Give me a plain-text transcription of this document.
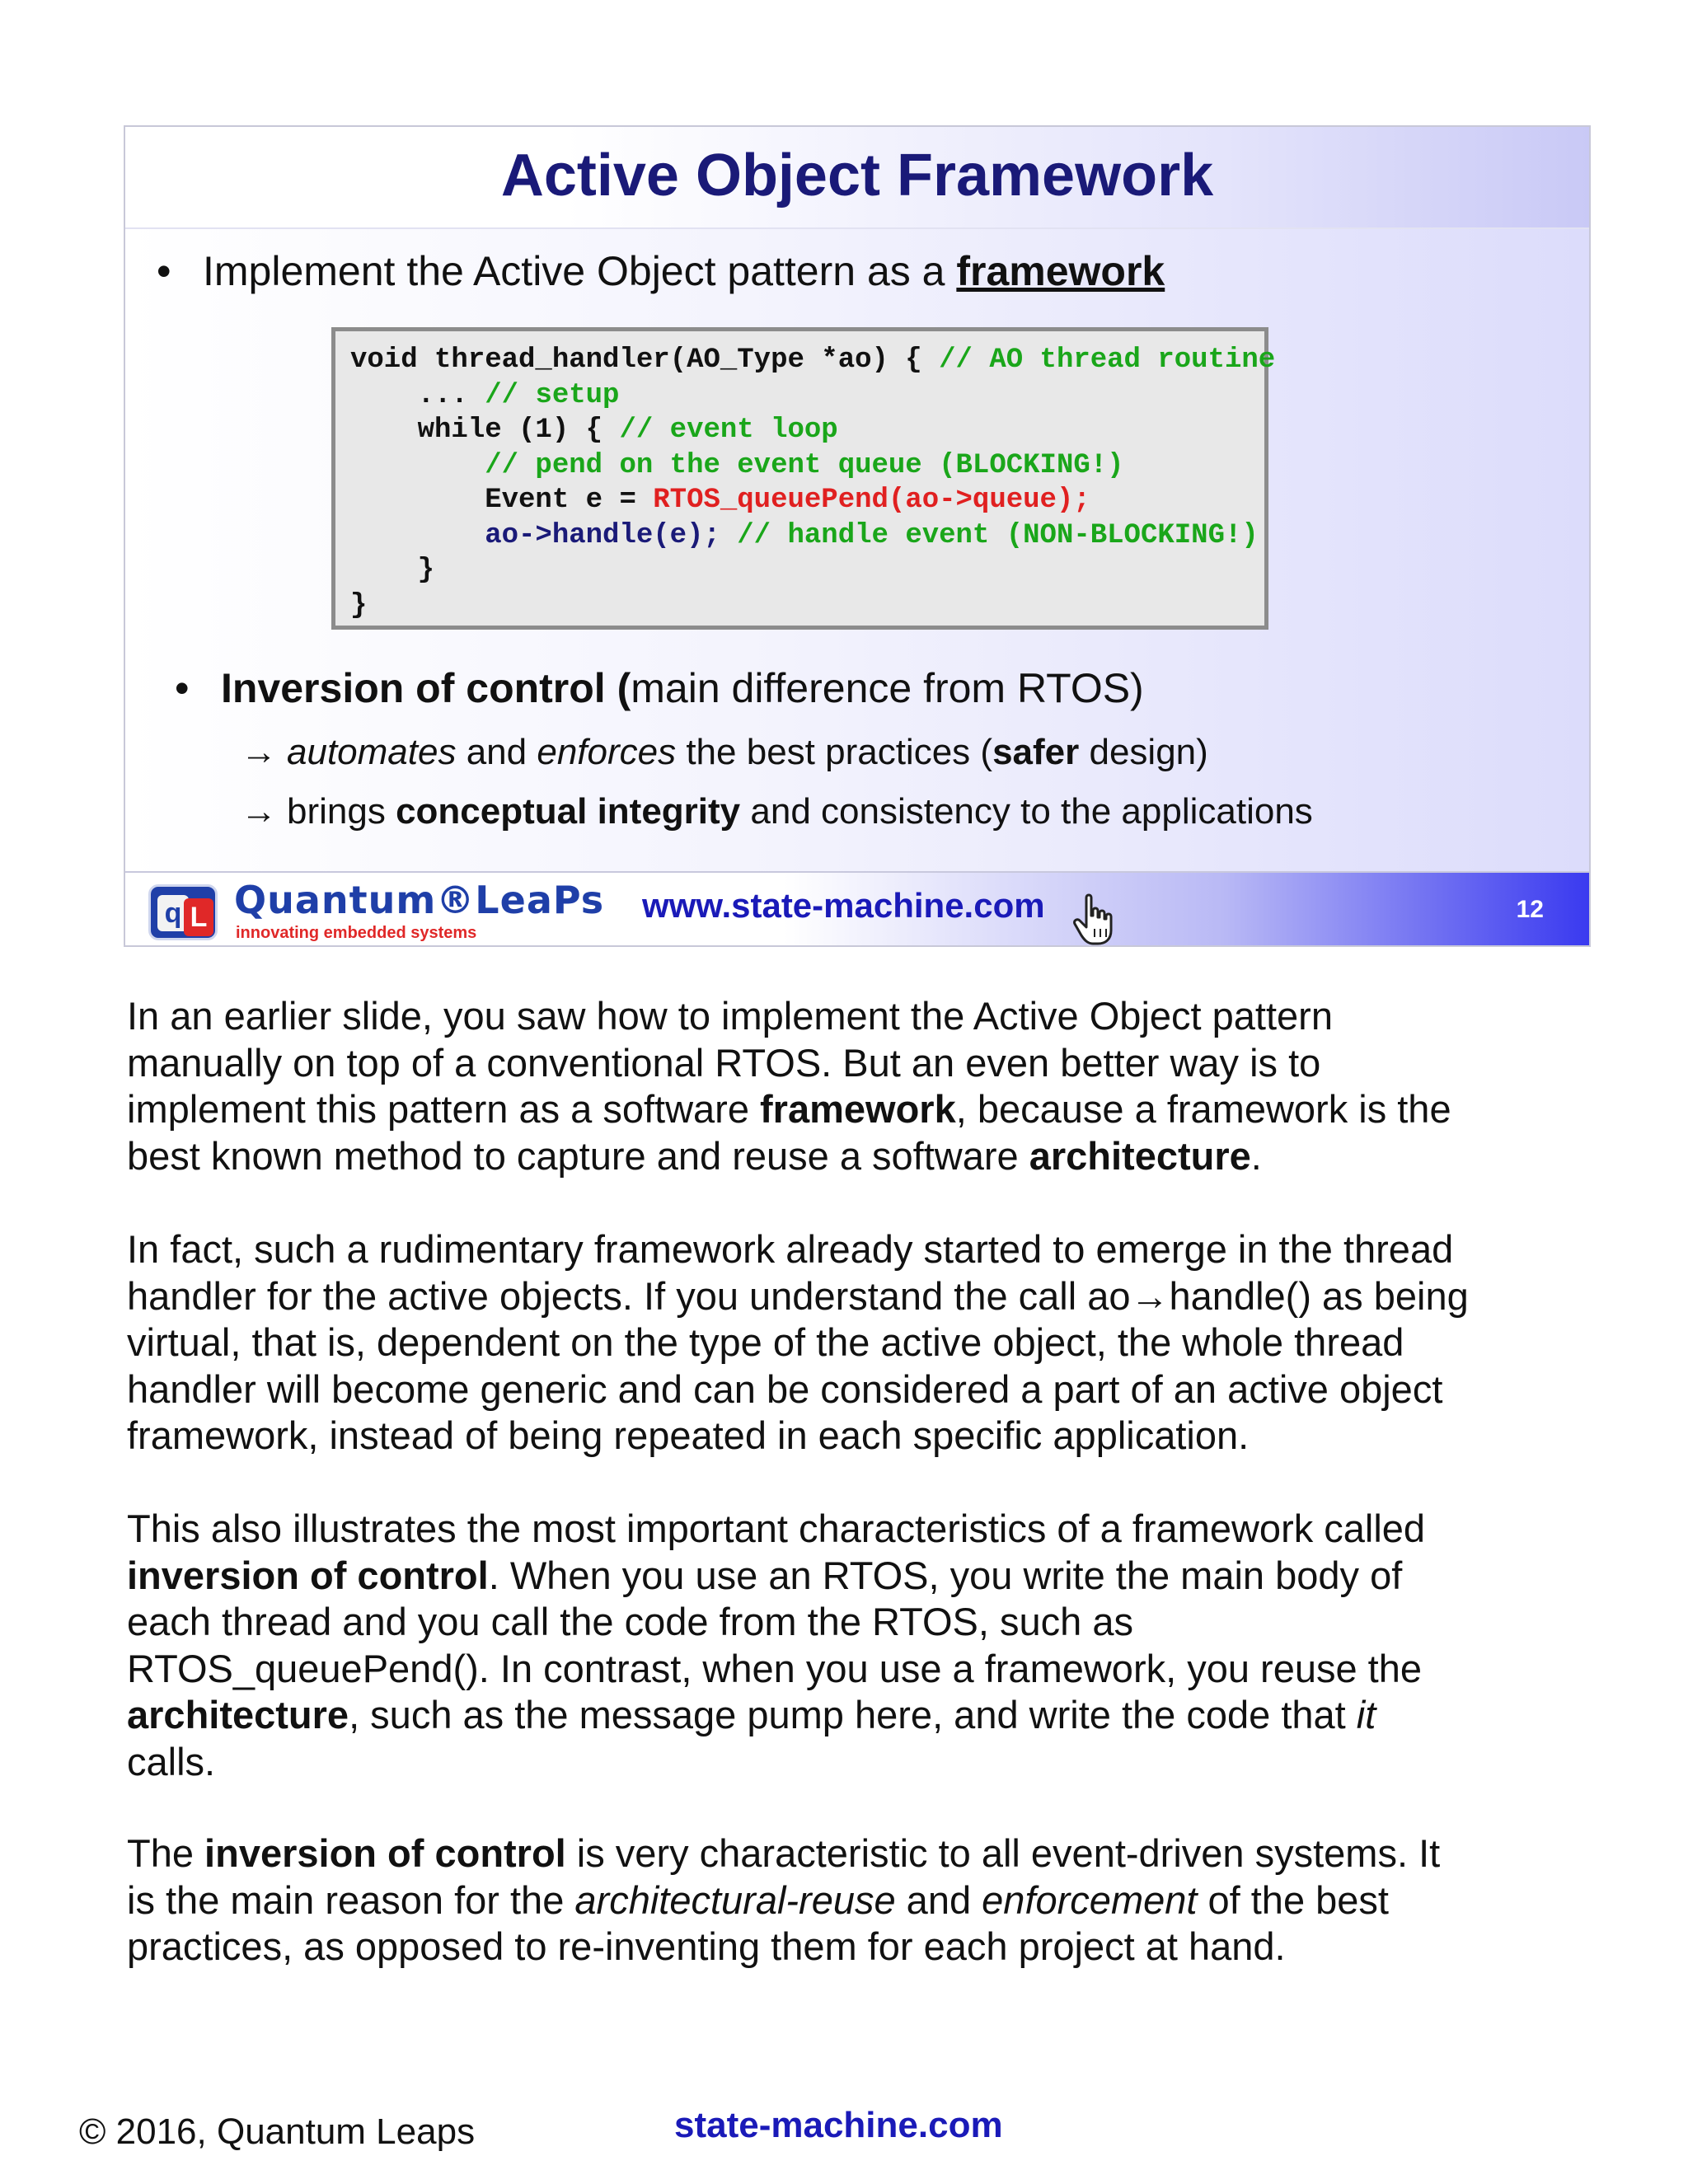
Active Object Framework
• Implement the Active Object pattern as a framework
void thread_handler(AO_Type *ao) { // AO thread routine
... // setup
while (1) { // event loop
// pend on the event queue (BLOCKING!)
Event e = RTOS_queuePend(ao->queue);
ao->handle(e); // handle event (NON-BLOCKING!)
}
}
• Inversion of control (main difference from RTOS)
→ automates and enforces the best practices (safer design)
→ brings conceptual integrity and consistency to the applications
q L Quantum®LeaPs
innovating embedded systems
www.state-machine.com	12
In an earlier slide, you saw how to implement the Active Object pattern
manually on top of a conventional RTOS. But an even better way is to
implement this pattern as a software framework, because a framework is the
best known method to capture and reuse a software architecture.
In fact, such a rudimentary framework already started to emerge in the thread
handler for the active objects. If you understand the call ao→handle() as being
virtual, that is, dependent on the type of the active object, the whole thread
handler will become generic and can be considered a part of an active object
framework, instead of being repeated in each specific application.
This also illustrates the most important characteristics of a framework called
inversion of control. When you use an RTOS, you write the main body of
each thread and you call the code from the RTOS, such as
RTOS_queuePend(). In contrast, when you use a framework, you reuse the
architecture, such as the message pump here, and write the code that it
calls.
The inversion of control is very characteristic to all event-driven systems. It
is the main reason for the architectural-reuse and enforcement of the best
practices, as opposed to re-inventing them for each project at hand.
© 2016, Quantum Leaps	state-machine.com
